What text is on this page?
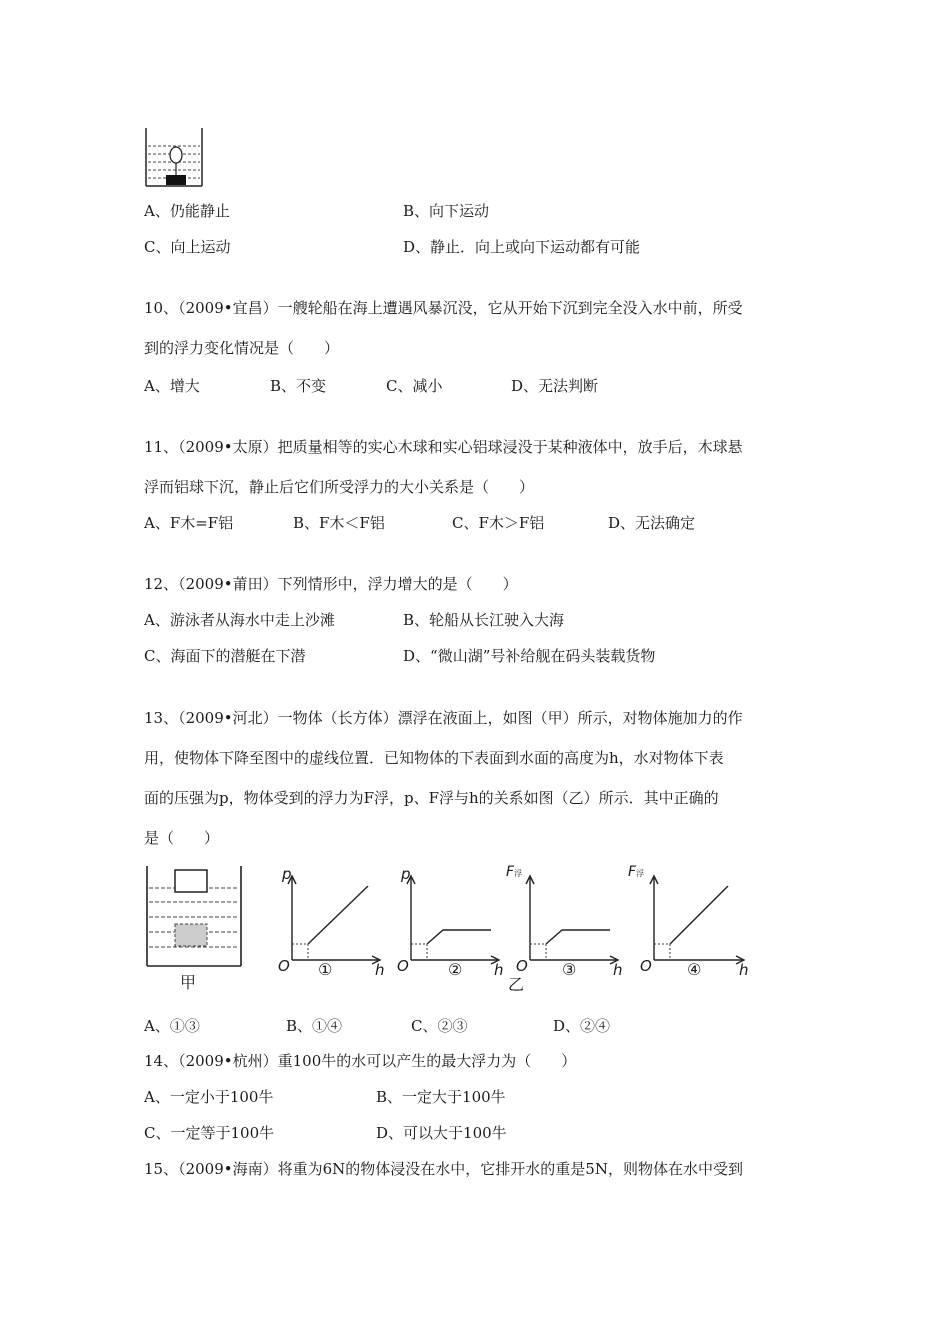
A、仍能静止	B、向下运动
C、向上运动	D、静止．向上或向下运动都有可能
10、（2009•宜昌）一艘轮船在海上遭遇风暴沉没，它从开始下沉到完全没入水中前，所受
到的浮力变化情况是（　　）
A、增大	B、不变	C、减小	D、无法判断
11、（2009•太原）把质量相等的实心木球和实心铝球浸没于某种液体中，放手后，木球悬
浮而铝球下沉，静止后它们所受浮力的大小关系是（　　）
A、F木=F铝	B、F木＜F铝	C、F木＞F铝	D、无法确定
12、（2009•莆田）下列情形中，浮力增大的是（　　）
A、游泳者从海水中走上沙滩	B、轮船从长江驶入大海
C、海面下的潜艇在下潜	D、“微山湖”号补给舰在码头装载货物
13、（2009•河北）一物体（长方体）漂浮在液面上，如图（甲）所示，对物体施加力的作
用，使物体下降至图中的虚线位置．已知物体的下表面到水面的高度为h，水对物体下表
面的压强为p，物体受到的浮力为F浮，p、F浮与h的关系如图（乙）所示．其中正确的
是（　　）
甲
p
O	h
①
p
O	h
②
乙
F浮
O	h
③
F浮
O	h
④
A、①③	B、①④	C、②③	D、②④
14、（2009•杭州）重100牛的水可以产生的最大浮力为（　　）
A、一定小于100牛	B、一定大于100牛
C、一定等于100牛	D、可以大于100牛
15、（2009•海南）将重为6N的物体浸没在水中，它排开水的重是5N，则物体在水中受到
